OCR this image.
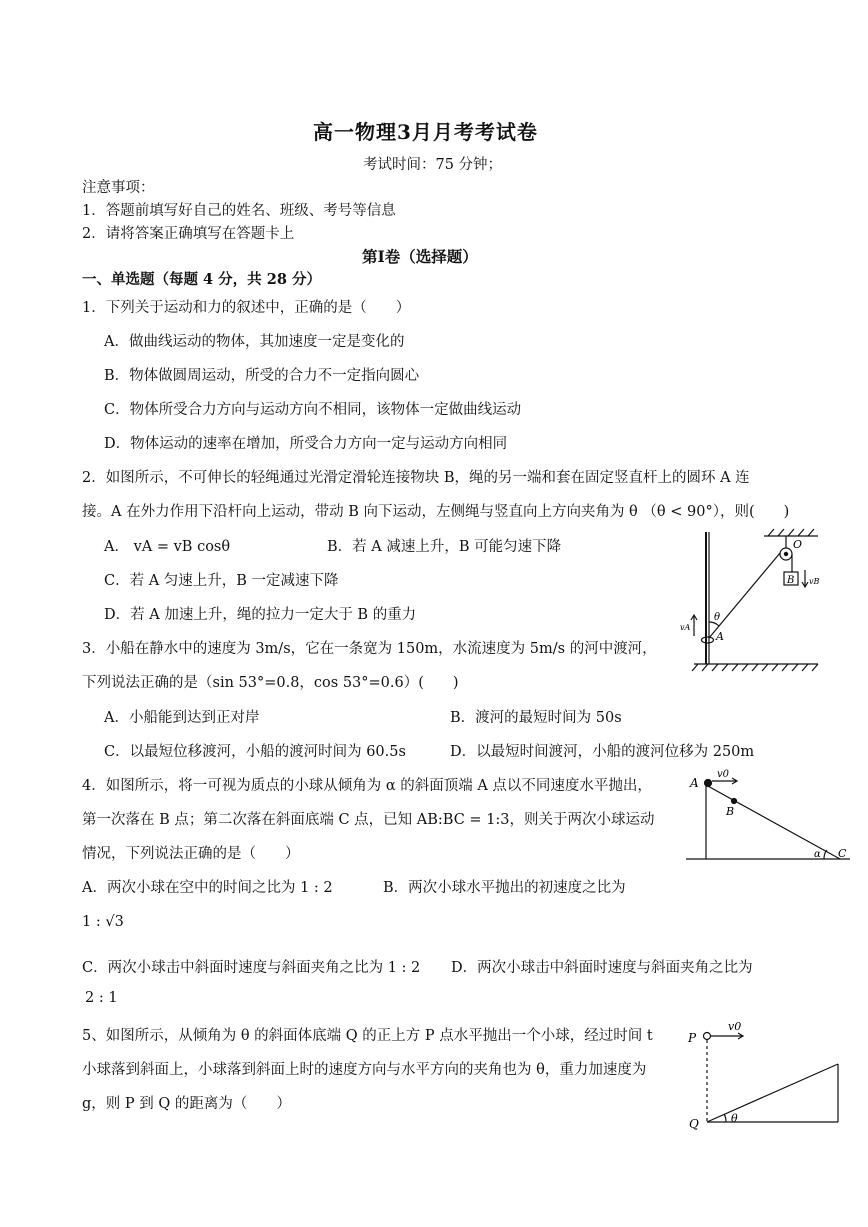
高一物理3月月考考试卷
考试时间：75 分钟；
注意事项：
1．答题前填写好自己的姓名、班级、考号等信息
2．请将答案正确填写在答题卡上
第Ⅰ卷（选择题）
一、单选题（每题 4 分，共 28 分）
1．下列关于运动和力的叙述中，正确的是（　　）
A．做曲线运动的物体，其加速度一定是变化的
B．物体做圆周运动，所受的合力不一定指向圆心
C．物体所受合力方向与运动方向不相同，该物体一定做曲线运动
D．物体运动的速率在增加，所受合力方向一定与运动方向相同
2．如图所示，不可伸长的轻绳通过光滑定滑轮连接物块 B，绳的另一端和套在固定竖直杆上的圆环 A 连
接。A 在外力作用下沿杆向上运动，带动 B 向下运动，左侧绳与竖直向上方向夹角为 θ （θ < 90°），则(　　)
A． vA = vB cosθ	B．若 A 减速上升，B 可能匀速下降
C．若 A 匀速上升，B 一定减速下降
D．若 A 加速上升，绳的拉力一定大于 B 的重力
O
B vB
vA
θ
A
3．小船在静水中的速度为 3m/s，它在一条宽为 150m，水流速度为 5m/s 的河中渡河，
下列说法正确的是（sin 53°=0.8，cos 53°=0.6）(　　)
A．小船能到达到正对岸	B．渡河的最短时间为 50s
C．以最短位移渡河，小船的渡河时间为 60.5s	D．以最短时间渡河，小船的渡河位移为 250m
4．如图所示，将一可视为质点的小球从倾角为 α 的斜面顶端 A 点以不同速度水平抛出，
第一次落在 B 点；第二次落在斜面底端 C 点，已知 AB:BC = 1:3，则关于两次小球运动
情况，下列说法正确的是（　　）
A．两次小球在空中的时间之比为 1 : 2	B．两次小球水平抛出的初速度之比为
1 : √3
C．两次小球击中斜面时速度与斜面夹角之比为 1 : 2 D．两次小球击中斜面时速度与斜面夹角之比为
2 : 1
A
v0
B
α C
5、如图所示，从倾角为 θ 的斜面体底端 Q 的正上方 P 点水平抛出一个小球，经过时间 t
小球落到斜面上，小球落到斜面上时的速度方向与水平方向的夹角也为 θ，重力加速度为
g，则 P 到 Q 的距离为（　　）
P
v0
Q	θ
